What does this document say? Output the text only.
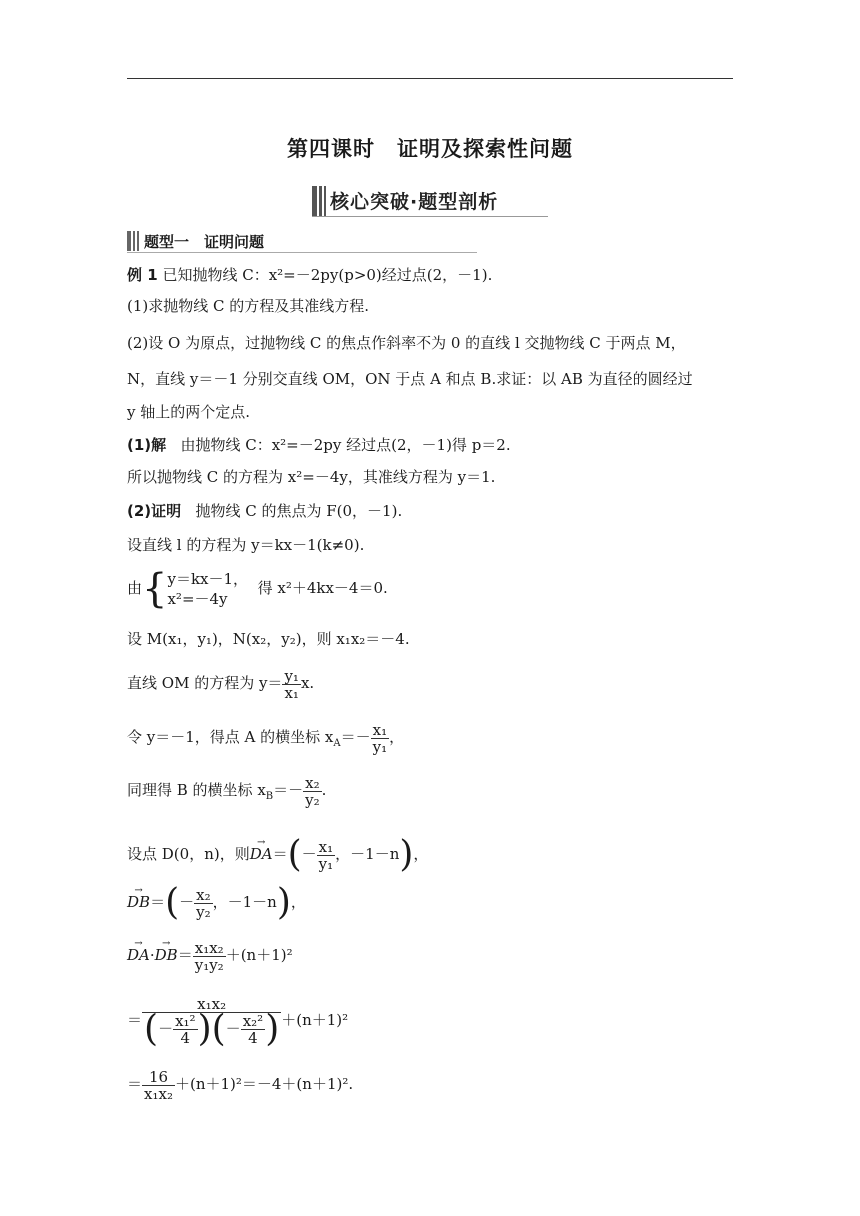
第四课时　证明及探索性问题
核心突破·题型剖析
题型一　证明问题
例 1 已知抛物线 C：x²=－2py(p>0)经过点(2，－1).
(1)求抛物线 C 的方程及其准线方程.
(2)设 O 为原点，过抛物线 C 的焦点作斜率不为 0 的直线 l 交抛物线 C 于两点 M，
N，直线 y＝－1 分别交直线 OM，ON 于点 A 和点 B.求证：以 AB 为直径的圆经过
y 轴上的两个定点.
(1)解 由抛物线 C：x²=－2py 经过点(2，－1)得 p＝2.
所以抛物线 C 的方程为 x²=－4y，其准线方程为 y＝1.
(2)证明 抛物线 C 的焦点为 F(0，－1).
设直线 l 的方程为 y＝kx－1(k≠0).
由{y＝kx－1，
x²=－4y  得 x²＋4kx－4＝0.
设 M(x₁，y₁)，N(x₂，y₂)，则 x₁x₂＝－4.
直线 OM 的方程为 $y= \frac{\text{y₁}}{\text{x₁}} x$.
令 y＝－1，得点 A 的横坐标 $x_A=- \frac{\text{x₁}}{\text{y₁}}$ ，
同理得 B 的横坐标 $x_B=- \frac{\text{x₂}}{\text{y₂}}$ .
设点 D(0，n)，则→ $DA=(- \frac{\text{x₁}}{\text{y₁}}$ ，－1－n)，
→ $DB=(- \frac{\text{x₂}}{\text{y₂}}$ ，－1－n)，
→ $DA\cdot\to DB= \frac{\text{x₁x₂}}{\text{y₁y₂}} +(n+1)^2$
＝ $\frac{\text{x₁x₂}}{(- \frac{\text{x₁²}}{4} )(- \frac{\text{x₂²}}{4} )} +(n+1)^2$
＝ $\frac{16}{\text{x₁x₂}} +(n+1)^2=-4+(n+1)^2$.
